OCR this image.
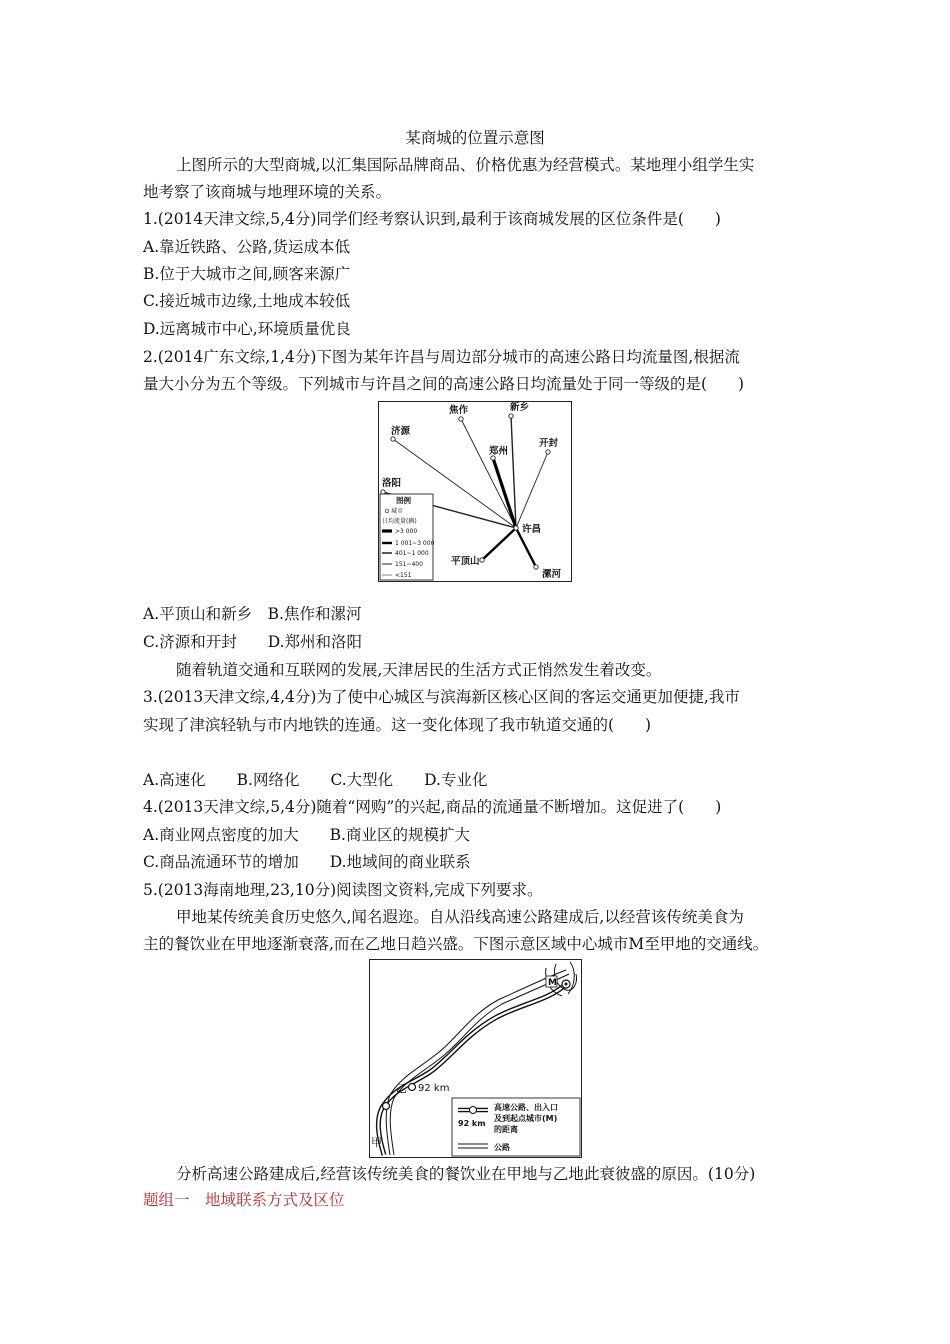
某商城的位置示意图
上图所示的大型商城,以汇集国际品牌商品、价格优惠为经营模式。某地理小组学生实
地考察了该商城与地理环境的关系。
1.(2014天津文综,5,4分)同学们经考察认识到,最利于该商城发展的区位条件是(　　)
A.靠近铁路、公路,货运成本低
B.位于大城市之间,顾客来源广
C.接近城市边缘,土地成本较低
D.远离城市中心,环境质量优良
2.(2014广东文综,1,4分)下图为某年许昌与周边部分城市的高速公路日均流量图,根据流
量大小分为五个等级。下列城市与许昌之间的高速公路日均流量处于同一等级的是(　　)
焦作	新乡
济源
郑州
开封
洛阳
许昌
平顶山
漯河
图例
城市
日均流量(辆)
>3 000
1 001~3 000
401~1 000
151~400
<151
A.平顶山和新乡　B.焦作和漯河
C.济源和开封　　D.郑州和洛阳
随着轨道交通和互联网的发展,天津居民的生活方式正悄然发生着改变。
3.(2013天津文综,4,4分)为了使中心城区与滨海新区核心区间的客运交通更加便捷,我市
实现了津滨轻轨与市内地铁的连通。这一变化体现了我市轨道交通的(　　)
A.高速化　　B.网络化　　C.大型化　　D.专业化
4.(2013天津文综,5,4分)随着“网购”的兴起,商品的流通量不断增加。这促进了(　　)
A.商业网点密度的加大　　B.商业区的规模扩大
C.商品流通环节的增加　　D.地域间的商业联系
5.(2013海南地理,23,10分)阅读图文资料,完成下列要求。
甲地某传统美食历史悠久,闻名遐迩。自从沿线高速公路建成后,以经营该传统美食为
主的餐饮业在甲地逐渐衰落,而在乙地日趋兴盛。下图示意区域中心城市M至甲地的交通线。
M
乙 92 km
甲
92 km
高速公路、出入口
及到起点城市(M)
的距离
公路
分析高速公路建成后,经营该传统美食的餐饮业在甲地与乙地此衰彼盛的原因。(10分)
题组一　地域联系方式及区位
